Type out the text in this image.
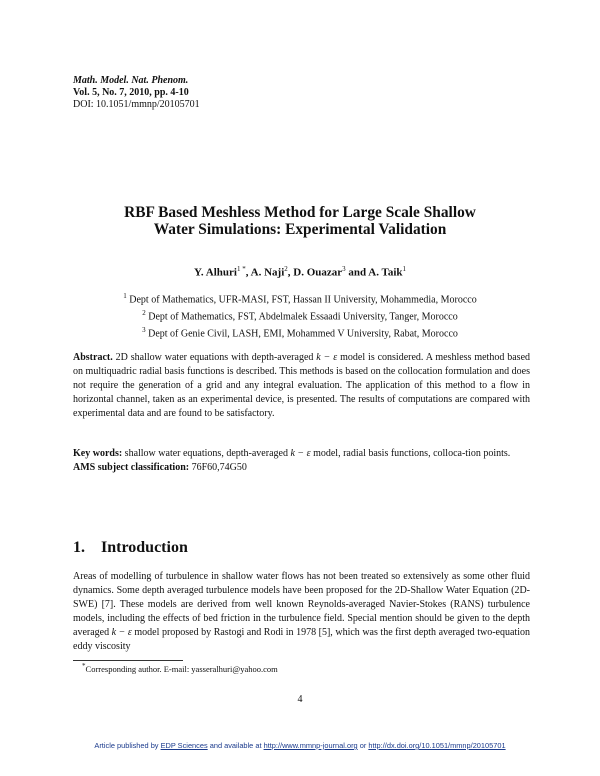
Math. Model. Nat. Phenom.
Vol. 5, No. 7, 2010, pp. 4-10
DOI: 10.1051/mmnp/20105701
RBF Based Meshless Method for Large Scale Shallow
Water Simulations: Experimental Validation
Y. Alhuri$^{1 *}$, A. Naji$^2$, D. Ouazar$^3$ and A. Taik$^1$
$^1$ Dept of Mathematics, UFR-MASI, FST, Hassan II University, Mohammedia, Morocco
$^2$ Dept of Mathematics, FST, Abdelmalek Essaadi University, Tanger, Morocco
$^3$ Dept of Genie Civil, LASH, EMI, Mohammed V University, Rabat, Morocco
Abstract. 2D shallow water equations with depth-averaged k − ε model is considered. A meshless method based on multiquadric radial basis functions is described. This methods is based on the collocation formulation and does not require the generation of a grid and any integral evaluation. The application of this method to a flow in horizontal channel, taken as an experimental device, is presented. The results of computations are compared with experimental data and are found to be satisfactory.
Key words: shallow water equations, depth-averaged k − ε model, radial basis functions, colloca-tion points.
AMS subject classification: 76F60,74G50
1. Introduction
Areas of modelling of turbulence in shallow water flows has not been treated so extensively as some other fluid dynamics. Some depth averaged turbulence models have been proposed for the 2D-Shallow Water Equation (2D-SWE) [7]. These models are derived from well known Reynolds-averaged Navier-Stokes (RANS) turbulence models, including the effects of bed friction in the turbulence field. Special mention should be given to the depth averaged k − ε model proposed by Rastogi and Rodi in 1978 [5], which was the first depth averaged two-equation eddy viscosity
*Corresponding author. E-mail: yasseralhuri@yahoo.com
4
Article published by EDP Sciences and available at http://www.mmnp-journal.org or http://dx.doi.org/10.1051/mmnp/20105701
